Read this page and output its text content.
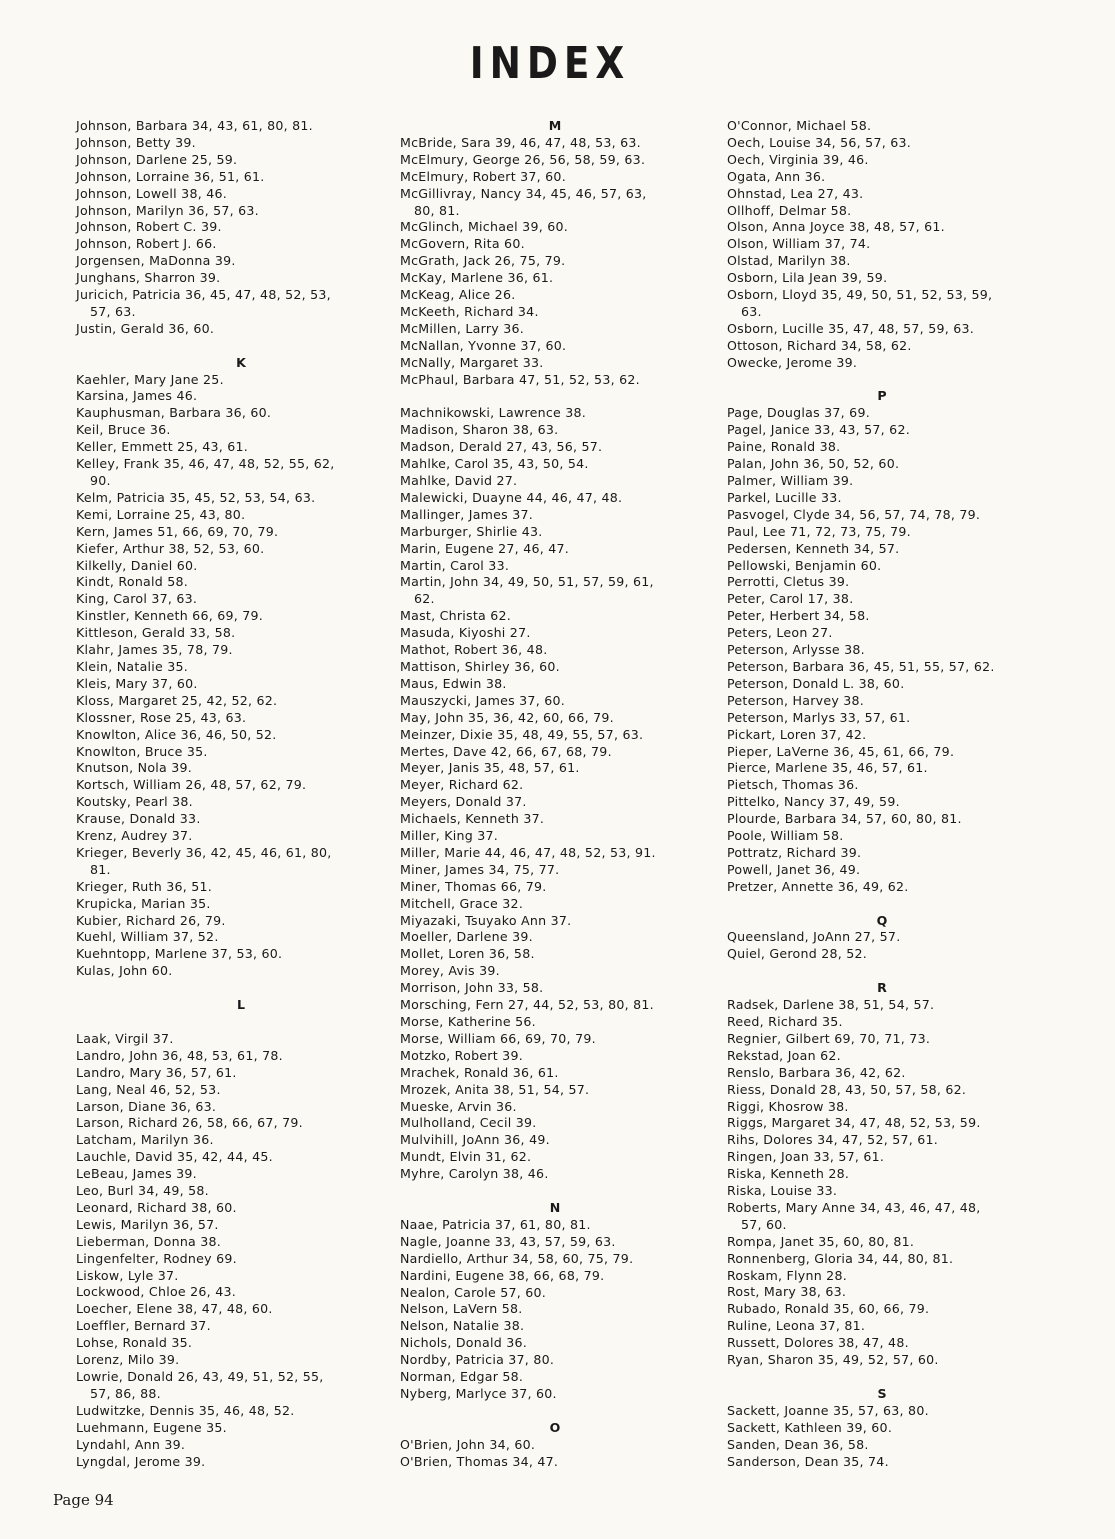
INDEX
Johnson, Barbara 34, 43, 61, 80, 81.
Johnson, Betty 39.
Johnson, Darlene 25, 59.
Johnson, Lorraine 36, 51, 61.
Johnson, Lowell 38, 46.
Johnson, Marilyn 36, 57, 63.
Johnson, Robert C. 39.
Johnson, Robert J. 66.
Jorgensen, MaDonna 39.
Junghans, Sharron 39.
Juricich, Patricia 36, 45, 47, 48, 52, 53,
57, 63.
Justin, Gerald 36, 60.
K
Kaehler, Mary Jane 25.
Karsina, James 46.
Kauphusman, Barbara 36, 60.
Keil, Bruce 36.
Keller, Emmett 25, 43, 61.
Kelley, Frank 35, 46, 47, 48, 52, 55, 62,
90.
Kelm, Patricia 35, 45, 52, 53, 54, 63.
Kemi, Lorraine 25, 43, 80.
Kern, James 51, 66, 69, 70, 79.
Kiefer, Arthur 38, 52, 53, 60.
Kilkelly, Daniel 60.
Kindt, Ronald 58.
King, Carol 37, 63.
Kinstler, Kenneth 66, 69, 79.
Kittleson, Gerald 33, 58.
Klahr, James 35, 78, 79.
Klein, Natalie 35.
Kleis, Mary 37, 60.
Kloss, Margaret 25, 42, 52, 62.
Klossner, Rose 25, 43, 63.
Knowlton, Alice 36, 46, 50, 52.
Knowlton, Bruce 35.
Knutson, Nola 39.
Kortsch, William 26, 48, 57, 62, 79.
Koutsky, Pearl 38.
Krause, Donald 33.
Krenz, Audrey 37.
Krieger, Beverly 36, 42, 45, 46, 61, 80,
81.
Krieger, Ruth 36, 51.
Krupicka, Marian 35.
Kubier, Richard 26, 79.
Kuehl, William 37, 52.
Kuehntopp, Marlene 37, 53, 60.
Kulas, John 60.
L
Laak, Virgil 37.
Landro, John 36, 48, 53, 61, 78.
Landro, Mary 36, 57, 61.
Lang, Neal 46, 52, 53.
Larson, Diane 36, 63.
Larson, Richard 26, 58, 66, 67, 79.
Latcham, Marilyn 36.
Lauchle, David 35, 42, 44, 45.
LeBeau, James 39.
Leo, Burl 34, 49, 58.
Leonard, Richard 38, 60.
Lewis, Marilyn 36, 57.
Lieberman, Donna 38.
Lingenfelter, Rodney 69.
Liskow, Lyle 37.
Lockwood, Chloe 26, 43.
Loecher, Elene 38, 47, 48, 60.
Loeffler, Bernard 37.
Lohse, Ronald 35.
Lorenz, Milo 39.
Lowrie, Donald 26, 43, 49, 51, 52, 55,
57, 86, 88.
Ludwitzke, Dennis 35, 46, 48, 52.
Luehmann, Eugene 35.
Lyndahl, Ann 39.
Lyngdal, Jerome 39.
M
McBride, Sara 39, 46, 47, 48, 53, 63.
McElmury, George 26, 56, 58, 59, 63.
McElmury, Robert 37, 60.
McGillivray, Nancy 34, 45, 46, 57, 63,
80, 81.
McGlinch, Michael 39, 60.
McGovern, Rita 60.
McGrath, Jack 26, 75, 79.
McKay, Marlene 36, 61.
McKeag, Alice 26.
McKeeth, Richard 34.
McMillen, Larry 36.
McNallan, Yvonne 37, 60.
McNally, Margaret 33.
McPhaul, Barbara 47, 51, 52, 53, 62.
Machnikowski, Lawrence 38.
Madison, Sharon 38, 63.
Madson, Derald 27, 43, 56, 57.
Mahlke, Carol 35, 43, 50, 54.
Mahlke, David 27.
Malewicki, Duayne 44, 46, 47, 48.
Mallinger, James 37.
Marburger, Shirlie 43.
Marin, Eugene 27, 46, 47.
Martin, Carol 33.
Martin, John 34, 49, 50, 51, 57, 59, 61,
62.
Mast, Christa 62.
Masuda, Kiyoshi 27.
Mathot, Robert 36, 48.
Mattison, Shirley 36, 60.
Maus, Edwin 38.
Mauszycki, James 37, 60.
May, John 35, 36, 42, 60, 66, 79.
Meinzer, Dixie 35, 48, 49, 55, 57, 63.
Mertes, Dave 42, 66, 67, 68, 79.
Meyer, Janis 35, 48, 57, 61.
Meyer, Richard 62.
Meyers, Donald 37.
Michaels, Kenneth 37.
Miller, King 37.
Miller, Marie 44, 46, 47, 48, 52, 53, 91.
Miner, James 34, 75, 77.
Miner, Thomas 66, 79.
Mitchell, Grace 32.
Miyazaki, Tsuyako Ann 37.
Moeller, Darlene 39.
Mollet, Loren 36, 58.
Morey, Avis 39.
Morrison, John 33, 58.
Morsching, Fern 27, 44, 52, 53, 80, 81.
Morse, Katherine 56.
Morse, William 66, 69, 70, 79.
Motzko, Robert 39.
Mrachek, Ronald 36, 61.
Mrozek, Anita 38, 51, 54, 57.
Mueske, Arvin 36.
Mulholland, Cecil 39.
Mulvihill, JoAnn 36, 49.
Mundt, Elvin 31, 62.
Myhre, Carolyn 38, 46.
N
Naae, Patricia 37, 61, 80, 81.
Nagle, Joanne 33, 43, 57, 59, 63.
Nardiello, Arthur 34, 58, 60, 75, 79.
Nardini, Eugene 38, 66, 68, 79.
Nealon, Carole 57, 60.
Nelson, LaVern 58.
Nelson, Natalie 38.
Nichols, Donald 36.
Nordby, Patricia 37, 80.
Norman, Edgar 58.
Nyberg, Marlyce 37, 60.
O
O'Brien, John 34, 60.
O'Brien, Thomas 34, 47.
O'Connor, Michael 58.
Oech, Louise 34, 56, 57, 63.
Oech, Virginia 39, 46.
Ogata, Ann 36.
Ohnstad, Lea 27, 43.
Ollhoff, Delmar 58.
Olson, Anna Joyce 38, 48, 57, 61.
Olson, William 37, 74.
Olstad, Marilyn 38.
Osborn, Lila Jean 39, 59.
Osborn, Lloyd 35, 49, 50, 51, 52, 53, 59,
63.
Osborn, Lucille 35, 47, 48, 57, 59, 63.
Ottoson, Richard 34, 58, 62.
Owecke, Jerome 39.
P
Page, Douglas 37, 69.
Pagel, Janice 33, 43, 57, 62.
Paine, Ronald 38.
Palan, John 36, 50, 52, 60.
Palmer, William 39.
Parkel, Lucille 33.
Pasvogel, Clyde 34, 56, 57, 74, 78, 79.
Paul, Lee 71, 72, 73, 75, 79.
Pedersen, Kenneth 34, 57.
Pellowski, Benjamin 60.
Perrotti, Cletus 39.
Peter, Carol 17, 38.
Peter, Herbert 34, 58.
Peters, Leon 27.
Peterson, Arlysse 38.
Peterson, Barbara 36, 45, 51, 55, 57, 62.
Peterson, Donald L. 38, 60.
Peterson, Harvey 38.
Peterson, Marlys 33, 57, 61.
Pickart, Loren 37, 42.
Pieper, LaVerne 36, 45, 61, 66, 79.
Pierce, Marlene 35, 46, 57, 61.
Pietsch, Thomas 36.
Pittelko, Nancy 37, 49, 59.
Plourde, Barbara 34, 57, 60, 80, 81.
Poole, William 58.
Pottratz, Richard 39.
Powell, Janet 36, 49.
Pretzer, Annette 36, 49, 62.
Q
Queensland, JoAnn 27, 57.
Quiel, Gerond 28, 52.
R
Radsek, Darlene 38, 51, 54, 57.
Reed, Richard 35.
Regnier, Gilbert 69, 70, 71, 73.
Rekstad, Joan 62.
Renslo, Barbara 36, 42, 62.
Riess, Donald 28, 43, 50, 57, 58, 62.
Riggi, Khosrow 38.
Riggs, Margaret 34, 47, 48, 52, 53, 59.
Rihs, Dolores 34, 47, 52, 57, 61.
Ringen, Joan 33, 57, 61.
Riska, Kenneth 28.
Riska, Louise 33.
Roberts, Mary Anne 34, 43, 46, 47, 48,
57, 60.
Rompa, Janet 35, 60, 80, 81.
Ronnenberg, Gloria 34, 44, 80, 81.
Roskam, Flynn 28.
Rost, Mary 38, 63.
Rubado, Ronald 35, 60, 66, 79.
Ruline, Leona 37, 81.
Russett, Dolores 38, 47, 48.
Ryan, Sharon 35, 49, 52, 57, 60.
S
Sackett, Joanne 35, 57, 63, 80.
Sackett, Kathleen 39, 60.
Sanden, Dean 36, 58.
Sanderson, Dean 35, 74.
Page 94
